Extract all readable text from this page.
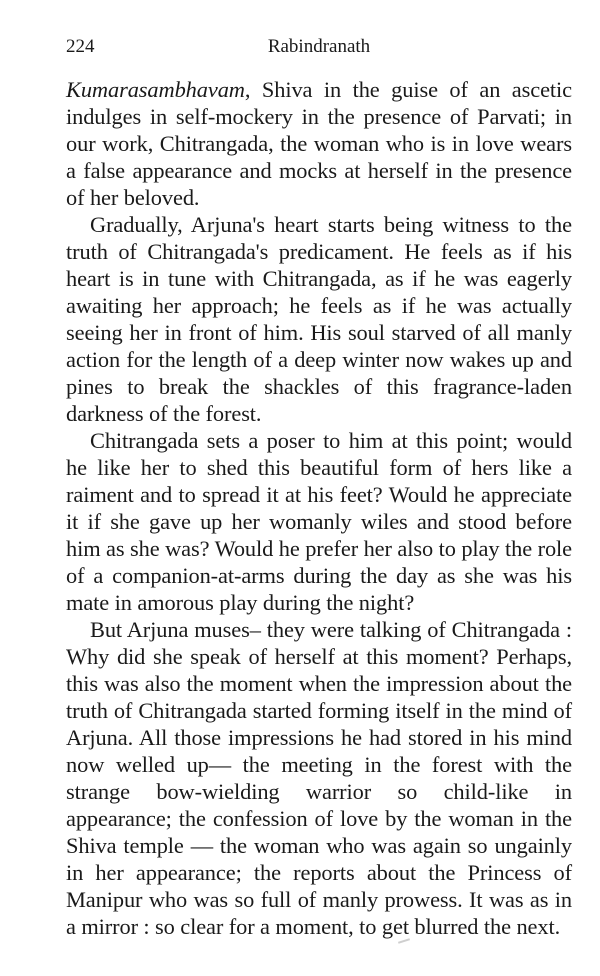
224	Rabindranath

Kumarasambhavam, Shiva in the guise of an ascetic indulges in self-mockery in the presence of Parvati; in our work, Chitrangada, the woman who is in love wears a false appearance and mocks at herself in the presence of her beloved.

Gradually, Arjuna's heart starts being witness to the truth of Chitrangada's predicament. He feels as if his heart is in tune with Chitrangada, as if he was eagerly awaiting her approach; he feels as if he was actually seeing her in front of him. His soul starved of all manly action for the length of a deep winter now wakes up and pines to break the shackles of this fragrance-laden darkness of the forest.

Chitrangada sets a poser to him at this point; would he like her to shed this beautiful form of hers like a raiment and to spread it at his feet? Would he appreciate it if she gave up her womanly wiles and stood before him as she was? Would he prefer her also to play the role of a companion-at-arms during the day as she was his mate in amorous play during the night?

But Arjuna muses– they were talking of Chitrangada : Why did she speak of herself at this moment? Perhaps, this was also the moment when the impression about the truth of Chitrangada started forming itself in the mind of Arjuna. All those impressions he had stored in his mind now welled up— the meeting in the forest with the strange bow-wielding warrior so child-like in appearance; the confession of love by the woman in the Shiva temple — the woman who was again so ungainly in her appearance; the reports about the Princess of Manipur who was so full of manly prowess. It was as in a mirror : so clear for a moment, to get blurred the next.
